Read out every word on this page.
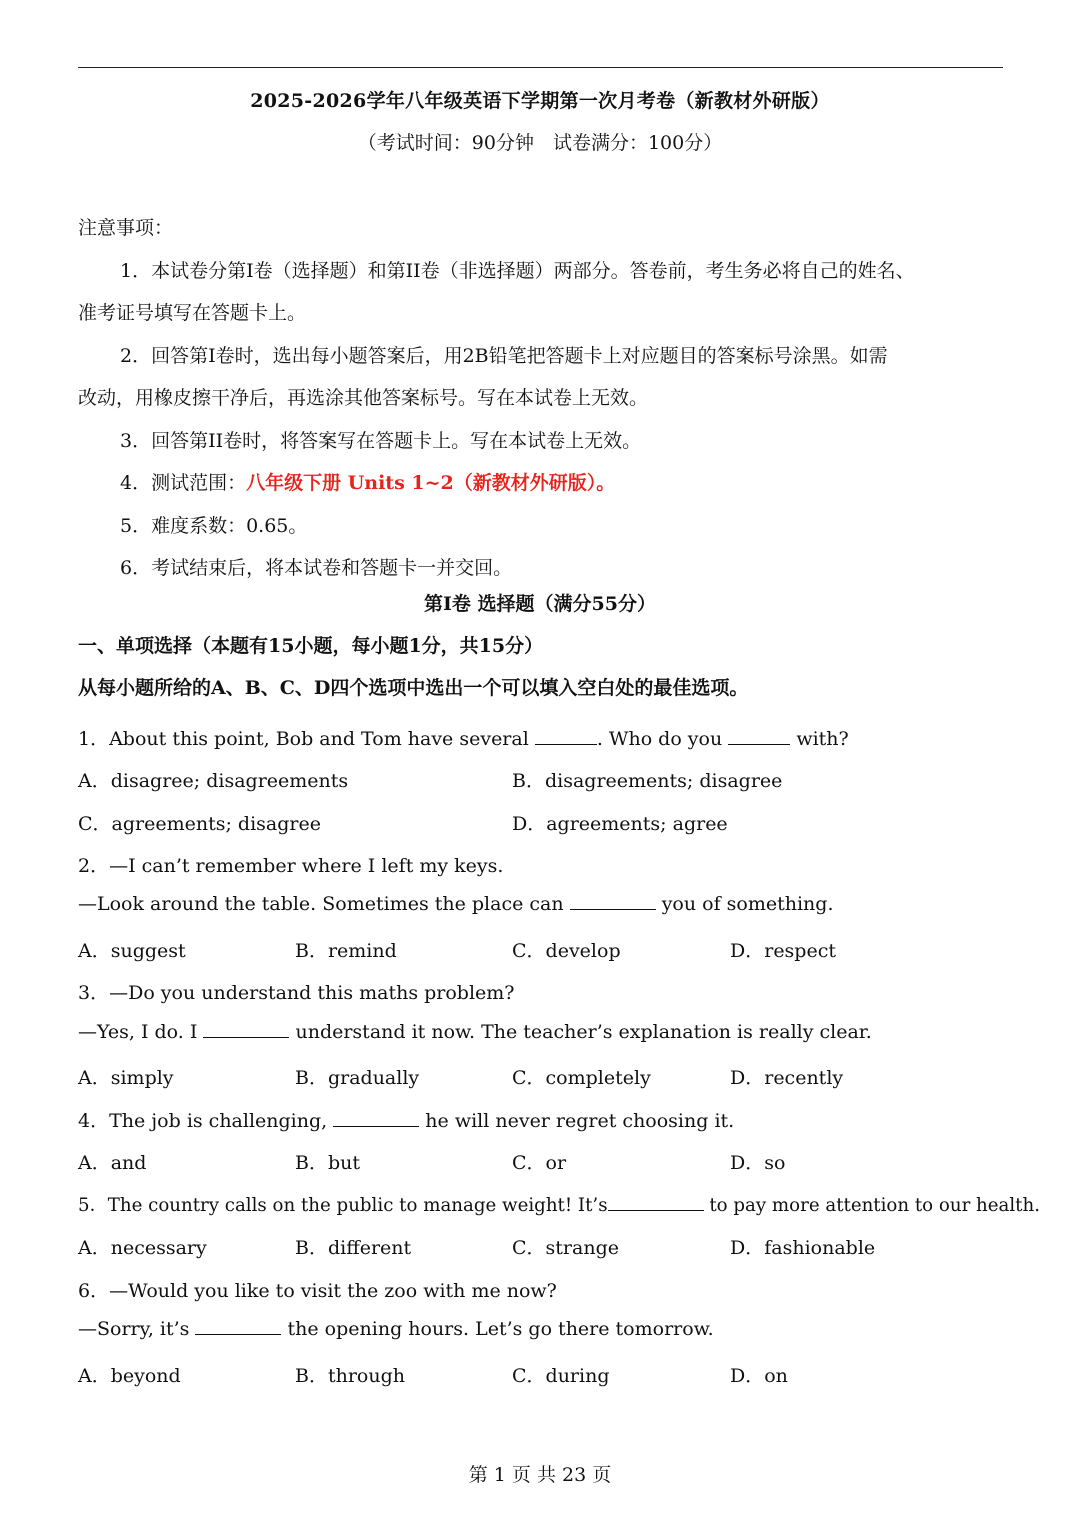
2025-2026学年八年级英语下学期第一次月考卷（新教材外研版）
（考试时间：90分钟　试卷满分：100分）
注意事项：
1．本试卷分第I卷（选择题）和第II卷（非选择题）两部分。答卷前，考生务必将自己的姓名、
准考证号填写在答题卡上。
2．回答第I卷时，选出每小题答案后，用2B铅笔把答题卡上对应题目的答案标号涂黑。如需
改动，用橡皮擦干净后，再选涂其他答案标号。写在本试卷上无效。
3．回答第II卷时，将答案写在答题卡上。写在本试卷上无效。
4．测试范围：八年级下册 Units 1~2（新教材外研版）。
5．难度系数：0.65。
6．考试结束后，将本试卷和答题卡一并交回。
第I卷 选择题（满分55分）
一、单项选择（本题有15小题，每小题1分，共15分）
从每小题所给的A、B、C、D四个选项中选出一个可以填入空白处的最佳选项。
1．About this point, Bob and Tom have several	. Who do you	with?
A．disagree; disagreements	B．disagreements; disagree
C．agreements; disagree	D．agreements; agree
2．—I can’t remember where I left my keys.
—Look around the table. Sometimes the place can	you of something.
A．suggest	B．remind	C．develop	D．respect
3．—Do you understand this maths problem?
—Yes, I do. I	understand it now. The teacher’s explanation is really clear.
A．simply	B．gradually	C．completely	D．recently
4．The job is challenging,	he will never regret choosing it.
A．and	B．but	C．or	D．so
5．The country calls on the public to manage weight! It’s	to pay more attention to our health.
A．necessary	B．different	C．strange	D．fashionable
6．—Would you like to visit the zoo with me now?
—Sorry, it’s	the opening hours. Let’s go there tomorrow.
A．beyond	B．through	C．during	D．on
第 1 页 共 23 页
